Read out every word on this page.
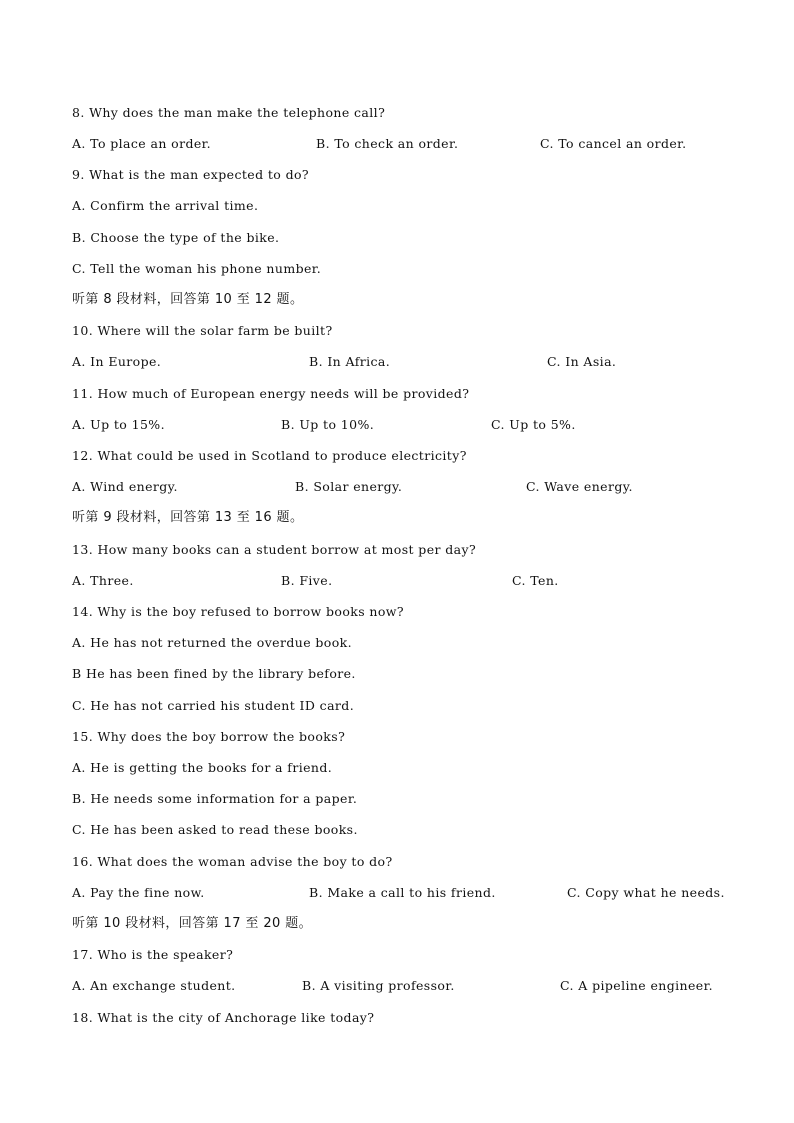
8. Why does the man make the telephone call?
A. To place an order.	B. To check an order.	C. To cancel an order.
9. What is the man expected to do?
A. Confirm the arrival time.
B. Choose the type of the bike.
C. Tell the woman his phone number.
听第 8 段材料，回答第 10 至 12 题。
10. Where will the solar farm be built?
A. In Europe.	B. In Africa.	C. In Asia.
11. How much of European energy needs will be provided?
A. Up to 15%.	B. Up to 10%.	C. Up to 5%.
12. What could be used in Scotland to produce electricity?
A. Wind energy.	B. Solar energy.	C. Wave energy.
听第 9 段材料，回答第 13 至 16 题。
13. How many books can a student borrow at most per day?
A. Three.	B. Five.	C. Ten.
14. Why is the boy refused to borrow books now?
A. He has not returned the overdue book.
B He has been fined by the library before.
C. He has not carried his student ID card.
15. Why does the boy borrow the books?
A. He is getting the books for a friend.
B. He needs some information for a paper.
C. He has been asked to read these books.
16. What does the woman advise the boy to do?
A. Pay the fine now.	B. Make a call to his friend.	C. Copy what he needs.
听第 10 段材料，回答第 17 至 20 题。
17. Who is the speaker?
A. An exchange student.	B. A visiting professor.	C. A pipeline engineer.
18. What is the city of Anchorage like today?
